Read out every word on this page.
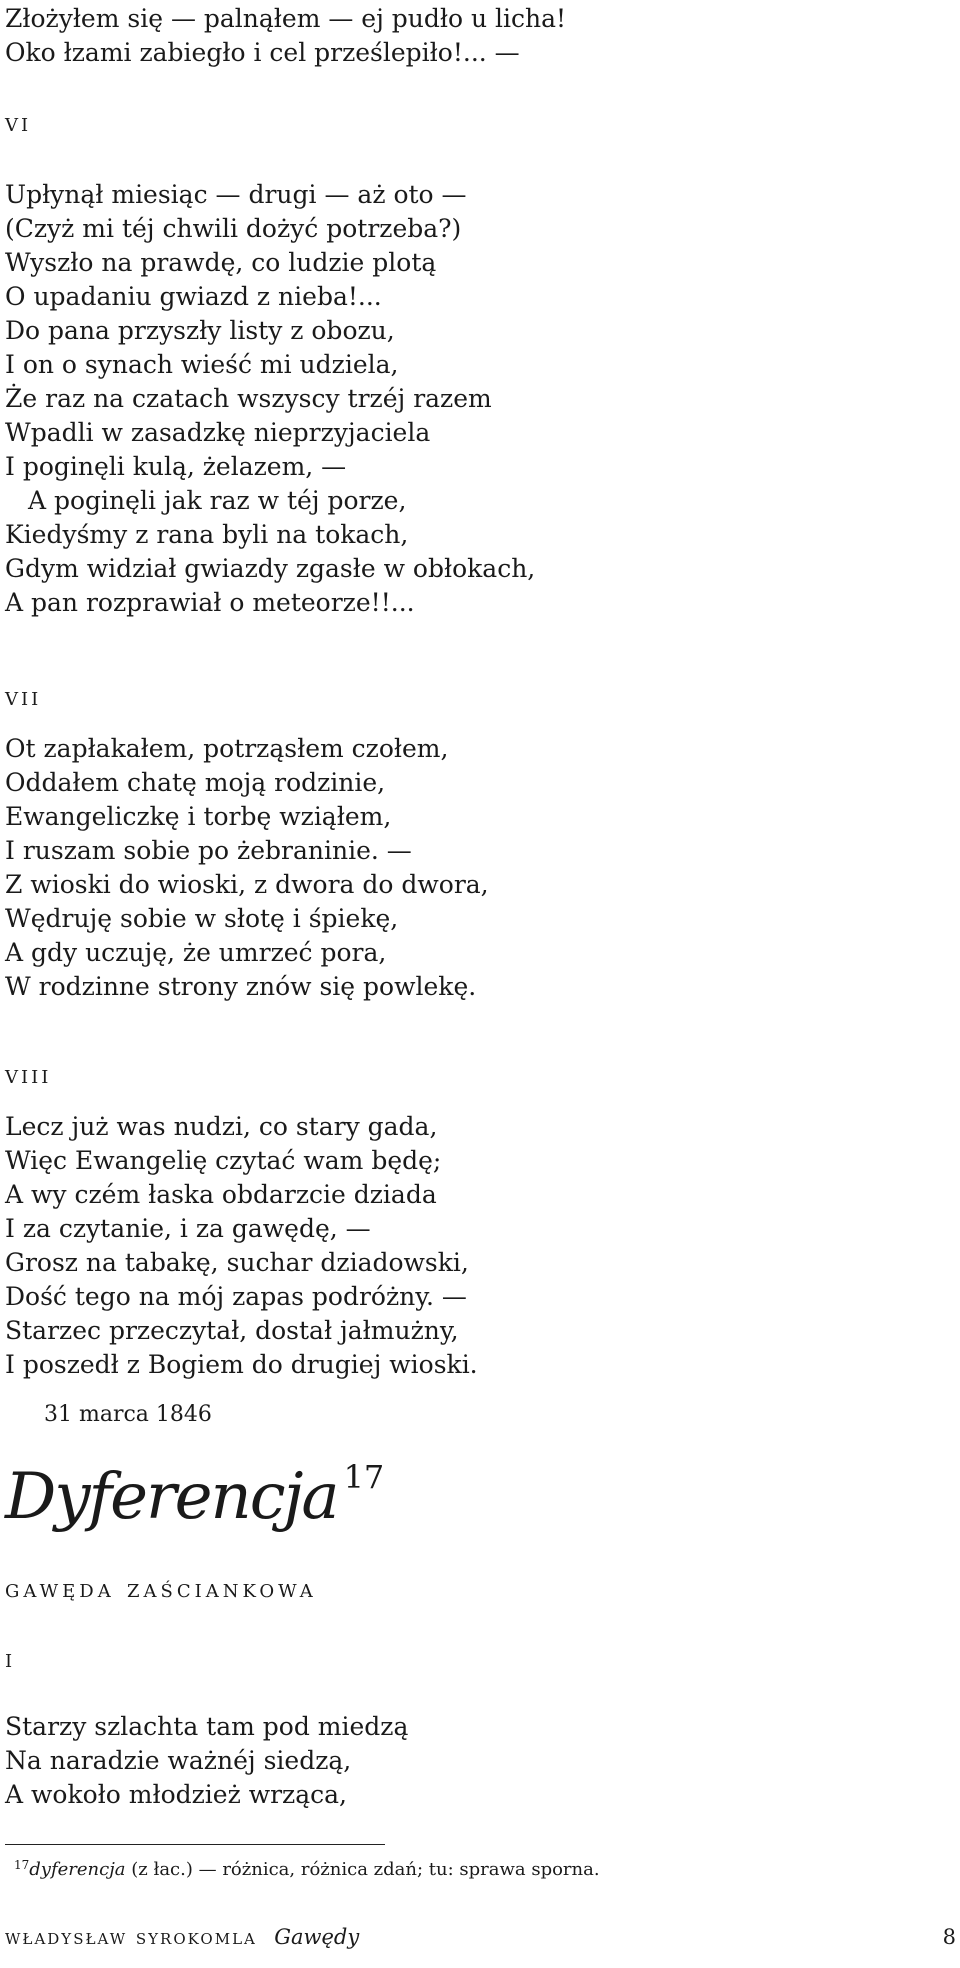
Złożyłem się — palnąłem — ej pudło u licha!
Oko łzami zabiegło i cel prześlepiło!... —
vi
Upłynął miesiąc — drugi — aż oto —
(Czyż mi téj chwili dożyć potrzeba?)
Wyszło na prawdę, co ludzie plotą
O upadaniu gwiazd z nieba!...
Do pana przyszły listy z obozu,
I on o synach wieść mi udziela,
Że raz na czatach wszyscy trzéj razem
Wpadli w zasadzkę nieprzyjaciela
I poginęli kulą, żelazem, —
A poginęli jak raz w téj porze,
Kiedyśmy z rana byli na tokach,
Gdym widział gwiazdy zgasłe w obłokach,
A pan rozprawiał o meteorze!!...
vii
Ot zapłakałem, potrząsłem czołem,
Oddałem chatę moją rodzinie,
Ewangeliczkę i torbę wziąłem,
I ruszam sobie po żebraninie. —
Z wioski do wioski, z dwora do dwora,
Wędruję sobie w słotę i śpiekę,
A gdy uczuję, że umrzeć pora,
W rodzinne strony znów się powlekę.
viii
Lecz już was nudzi, co stary gada,
Więc Ewangelię czytać wam będę;
A wy czém łaska obdarzcie dziada
I za czytanie, i za gawędę, —
Grosz na tabakę, suchar dziadowski,
Dość tego na mój zapas podróżny. —
Starzec przeczytał, dostał jałmużny,
I poszedł z Bogiem do drugiej wioski.
31 marca 1846
Dyferencja $^{17}$
gawęda zaściankowa
i
Starzy szlachta tam pod miedzą
Na naradzie ważnéj siedzą,
A wokoło młodzież wrząca,
$^{17}$dyferencja (z łac.) — różnica, różnica zdań; tu: sprawa sporna.
władysław syrokomla Gawędy	8
